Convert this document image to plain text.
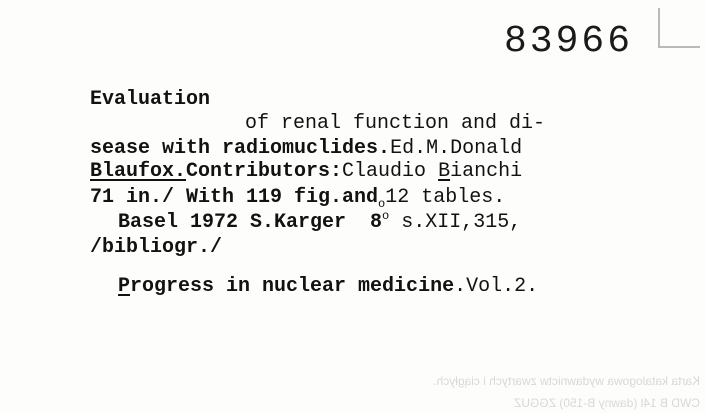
83966
Evaluation
of renal function and di-
sease with radiomuclides.Ed.M.Donald
Blaufox.Contributors:Claudio Bianchi
71 in./ With 119 fig.and$_o$12 tables.
Basel 1972 S.Karger  8$^o$ s.XII,315,
/bibliogr./
Progress in nuclear medicine.Vol.2.
Karta katalogowa wydawnictw zwartych i ciągłych.
CWD B 14l (dawny B-150) ZGGUZ
